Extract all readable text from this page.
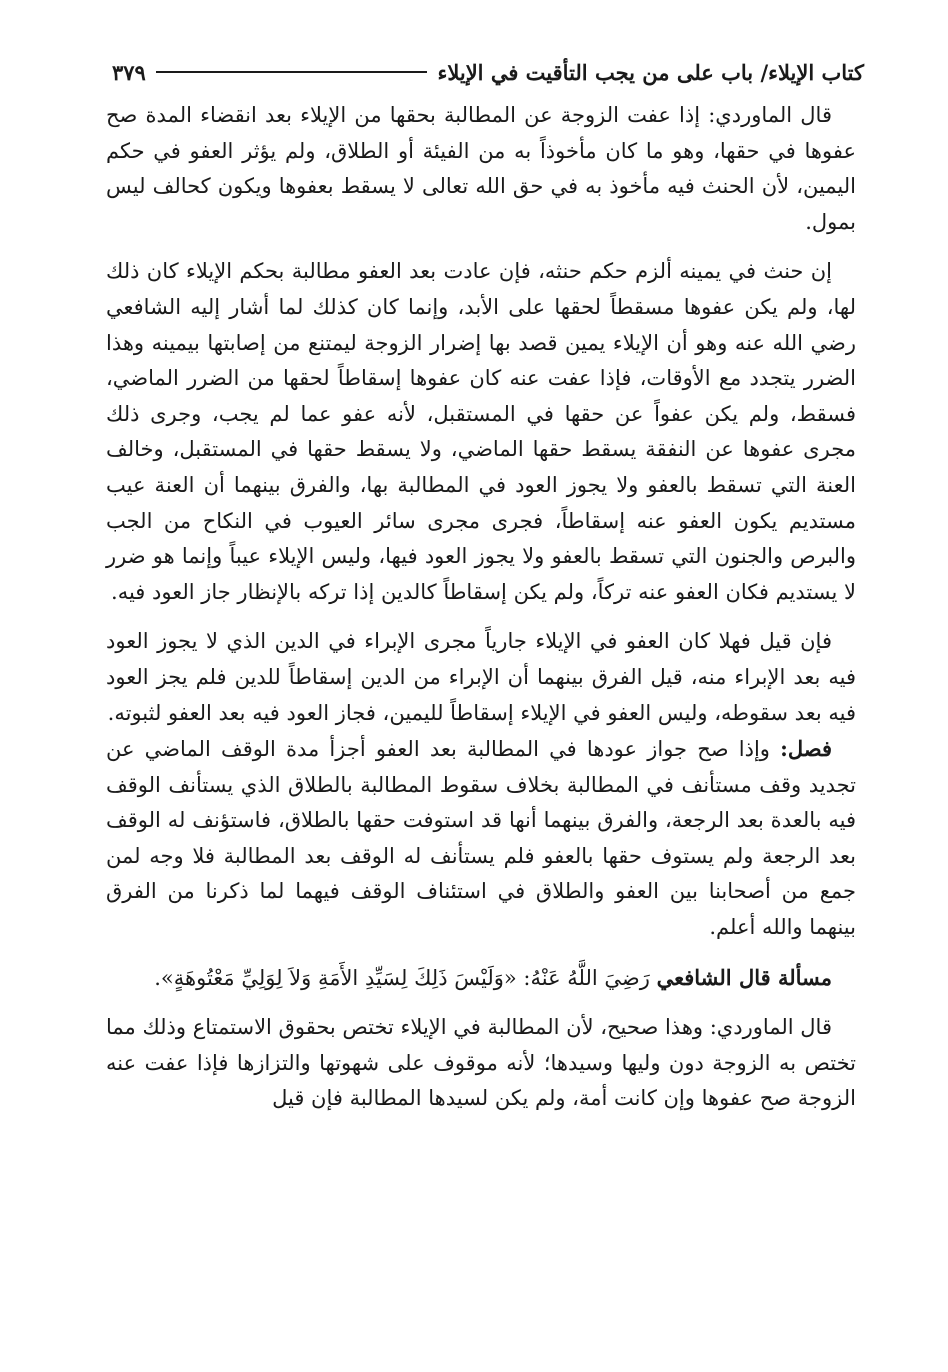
٣٧٩	كتاب الإيلاء/ باب على من يجب التأقيت في الإيلاء

قال الماوردي: إذا عفت الزوجة عن المطالبة بحقها من الإيلاء بعد انقضاء المدة صح عفوها في حقها، وهو ما كان مأخوذاً به من الفيئة أو الطلاق، ولم يؤثر العفو في حكم اليمين، لأن الحنث فيه مأخوذ به في حق الله تعالى لا يسقط بعفوها ويكون كحالف ليس بمول.

إن حنث في يمينه ألزم حكم حنثه، فإن عادت بعد العفو مطالبة بحكم الإيلاء كان ذلك لها، ولم يكن عفوها مسقطاً لحقها على الأبد، وإنما كان كذلك لما أشار إليه الشافعي رضي الله عنه وهو أن الإيلاء يمين قصد بها إضرار الزوجة ليمتنع من إصابتها بيمينه وهذا الضرر يتجدد مع الأوقات، فإذا عفت عنه كان عفوها إسقاطاً لحقها من الضرر الماضي، فسقط، ولم يكن عفواً عن حقها في المستقبل، لأنه عفو عما لم يجب، وجرى ذلك مجرى عفوها عن النفقة يسقط حقها الماضي، ولا يسقط حقها في المستقبل، وخالف العنة التي تسقط بالعفو ولا يجوز العود في المطالبة بها، والفرق بينهما أن العنة عيب مستديم يكون العفو عنه إسقاطاً، فجرى مجرى سائر العيوب في النكاح من الجب والبرص والجنون التي تسقط بالعفو ولا يجوز العود فيها، وليس الإيلاء عيباً وإنما هو ضرر لا يستديم فكان العفو عنه تركاً، ولم يكن إسقاطاً كالدين إذا تركه بالإنظار جاز العود فيه.

فإن قيل فهلا كان العفو في الإيلاء جارياً مجرى الإبراء في الدين الذي لا يجوز العود فيه بعد الإبراء منه، قيل الفرق بينهما أن الإبراء من الدين إسقاطاً للدين فلم يجز العود فيه بعد سقوطه، وليس العفو في الإيلاء إسقاطاً لليمين، فجاز العود فيه بعد العفو لثبوته.

فصل: وإذا صح جواز عودها في المطالبة بعد العفو أجزأ مدة الوقف الماضي عن تجديد وقف مستأنف في المطالبة بخلاف سقوط المطالبة بالطلاق الذي يستأنف الوقف فيه بالعدة بعد الرجعة، والفرق بينهما أنها قد استوفت حقها بالطلاق، فاستؤنف له الوقف بعد الرجعة ولم يستوف حقها بالعفو فلم يستأنف له الوقف بعد المطالبة فلا وجه لمن جمع من أصحابنا بين العفو والطلاق في استئناف الوقف فيهما لما ذكرنا من الفرق بينهما والله أعلم.

مسألة قال الشافعي رَضِيَ اللَّهُ عَنْهُ: «وَلَيْسَ ذَلِكَ لِسَيِّدِ الأَمَةِ وَلاَ لِوَلِيِّ مَعْتُوهَةٍ».

قال الماوردي: وهذا صحيح، لأن المطالبة في الإيلاء تختص بحقوق الاستمتاع وذلك مما تختص به الزوجة دون وليها وسيدها؛ لأنه موقوف على شهوتها والتزازها فإذا عفت عنه الزوجة صح عفوها وإن كانت أمة، ولم يكن لسيدها المطالبة فإن قيل
